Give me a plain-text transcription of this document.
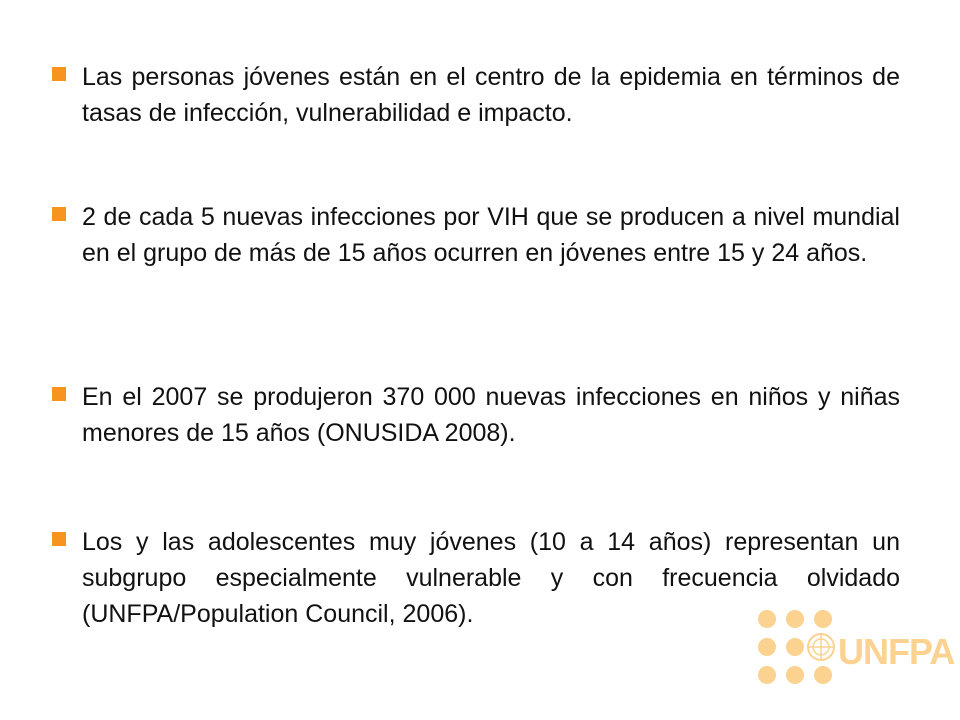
Las personas jóvenes están en el centro de la epidemia en términos de tasas de infección, vulnerabilidad e impacto.

2 de cada 5 nuevas infecciones por VIH que se producen a nivel mundial en el grupo de más de 15 años ocurren en jóvenes entre 15 y 24 años.

En el 2007 se produjeron 370 000 nuevas infecciones en niños y niñas menores de 15 años (ONUSIDA 2008).

Los y las adolescentes muy jóvenes (10 a 14 años) representan un subgrupo especialmente vulnerable y con frecuencia olvidado (UNFPA/Population Council, 2006).

UNFPA
